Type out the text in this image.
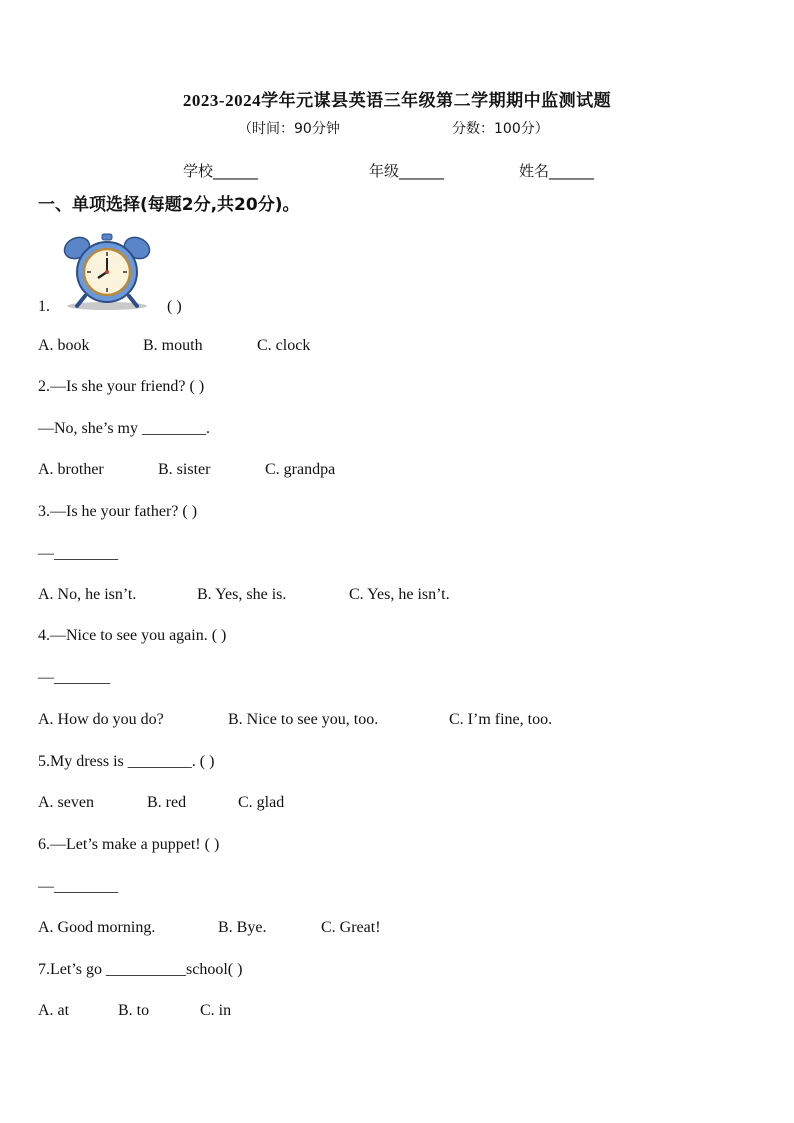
2023-2024学年元谋县英语三年级第二学期期中监测试题
（时间：90分钟	分数：100分）
学校______	年级______	姓名______
一、单项选择(每题2分,共20分)。
1.	( )
A. book	B. mouth	C. clock
2.—Is she your friend? ( )
—No, she’s my ________.
A. brother	B. sister	C. grandpa
3.—Is he your father? ( )
—________
A. No, he isn’t.	B. Yes, she is.	C. Yes, he isn’t.
4.—Nice to see you again. ( )
—_______
A. How do you do?	B. Nice to see you, too.	C. I’m fine, too.
5.My dress is ________. ( )
A. seven	B. red	C. glad
6.—Let’s make a puppet! ( )
—________
A. Good morning.	B. Bye.	C. Great!
7.Let’s go __________school( )
A. at	B. to	C. in
